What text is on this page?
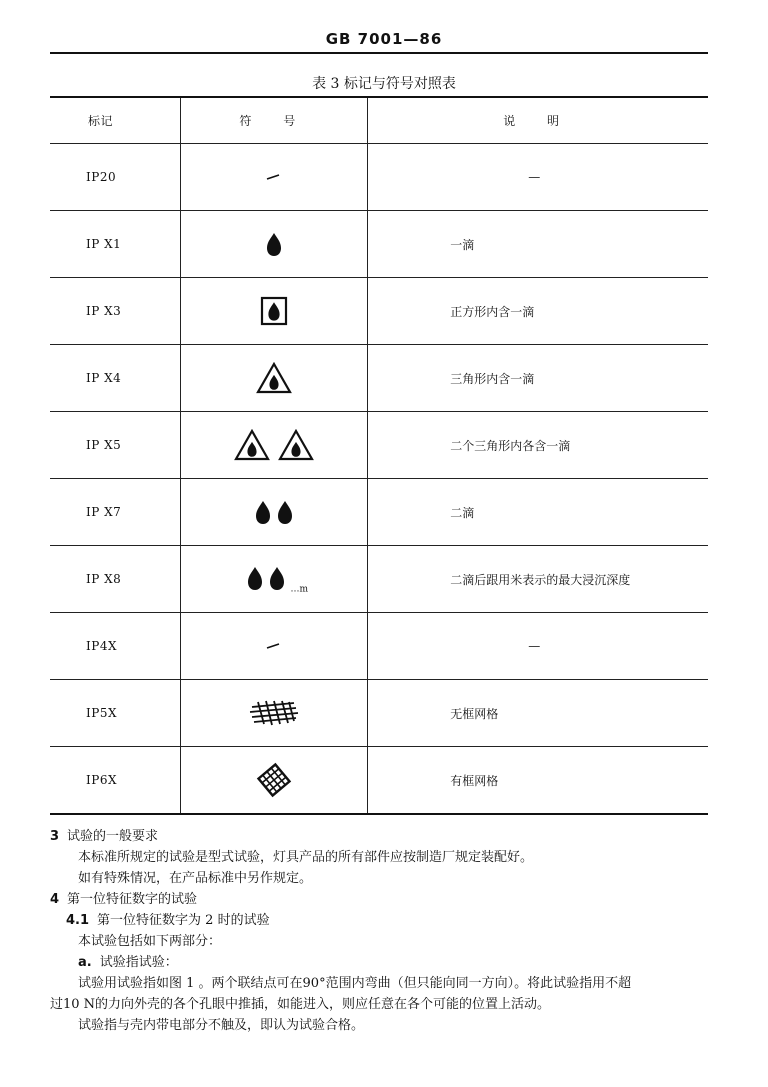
GB 7001—86
表 3 标记与符号对照表
标记	符 号	说 明
IP20		—
IP X1		一滴
IP X3		正方形内含一滴
IP X4		三角形内含一滴
IP X5		二个三角形内各含一滴
IP X7		二滴
IP X8	$_{\dots m}$	二滴后跟用米表示的最大浸沉深度
IP4X		—
IP5X		无框网格
IP6X		有框网格

3 试验的一般要求

本标准所规定的试验是型式试验，灯具产品的所有部件应按制造厂规定装配好。

如有特殊情况，在产品标准中另作规定。

4 第一位特征数字的试验

4.1 第一位特征数字为 2 时的试验

本试验包括如下两部分：

a. 试验指试验：

试验用试验指如图 1 。两个联结点可在90°范围内弯曲（但只能向同一方向）。将此试验指用不超

过10 N的力向外壳的各个孔眼中推插，如能进入，则应任意在各个可能的位置上活动。

试验指与壳内带电部分不触及，即认为试验合格。
